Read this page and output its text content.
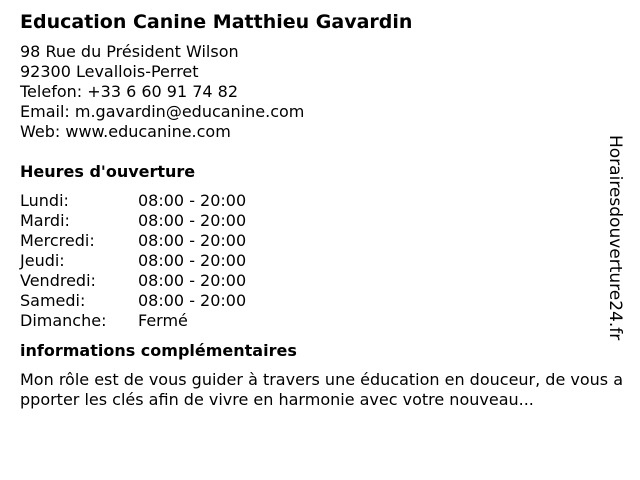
Education Canine Matthieu Gavardin
98 Rue du Président Wilson
92300 Levallois-Perret
Telefon: +33 6 60 91 74 82
Email: m.gavardin@educanine.com
Web: www.educanine.com
Heures d'ouverture
Lundi:	08:00 - 20:00
Mardi:	08:00 - 20:00
Mercredi:	08:00 - 20:00
Jeudi:	08:00 - 20:00
Vendredi:	08:00 - 20:00
Samedi:	08:00 - 20:00
Dimanche:	Fermé
informations complémentaires
Mon rôle est de vous guider à travers une éducation en douceur, de vous apporter les clés afin de vivre en harmonie avec votre nouveau...
Horairesdouverture24.fr
